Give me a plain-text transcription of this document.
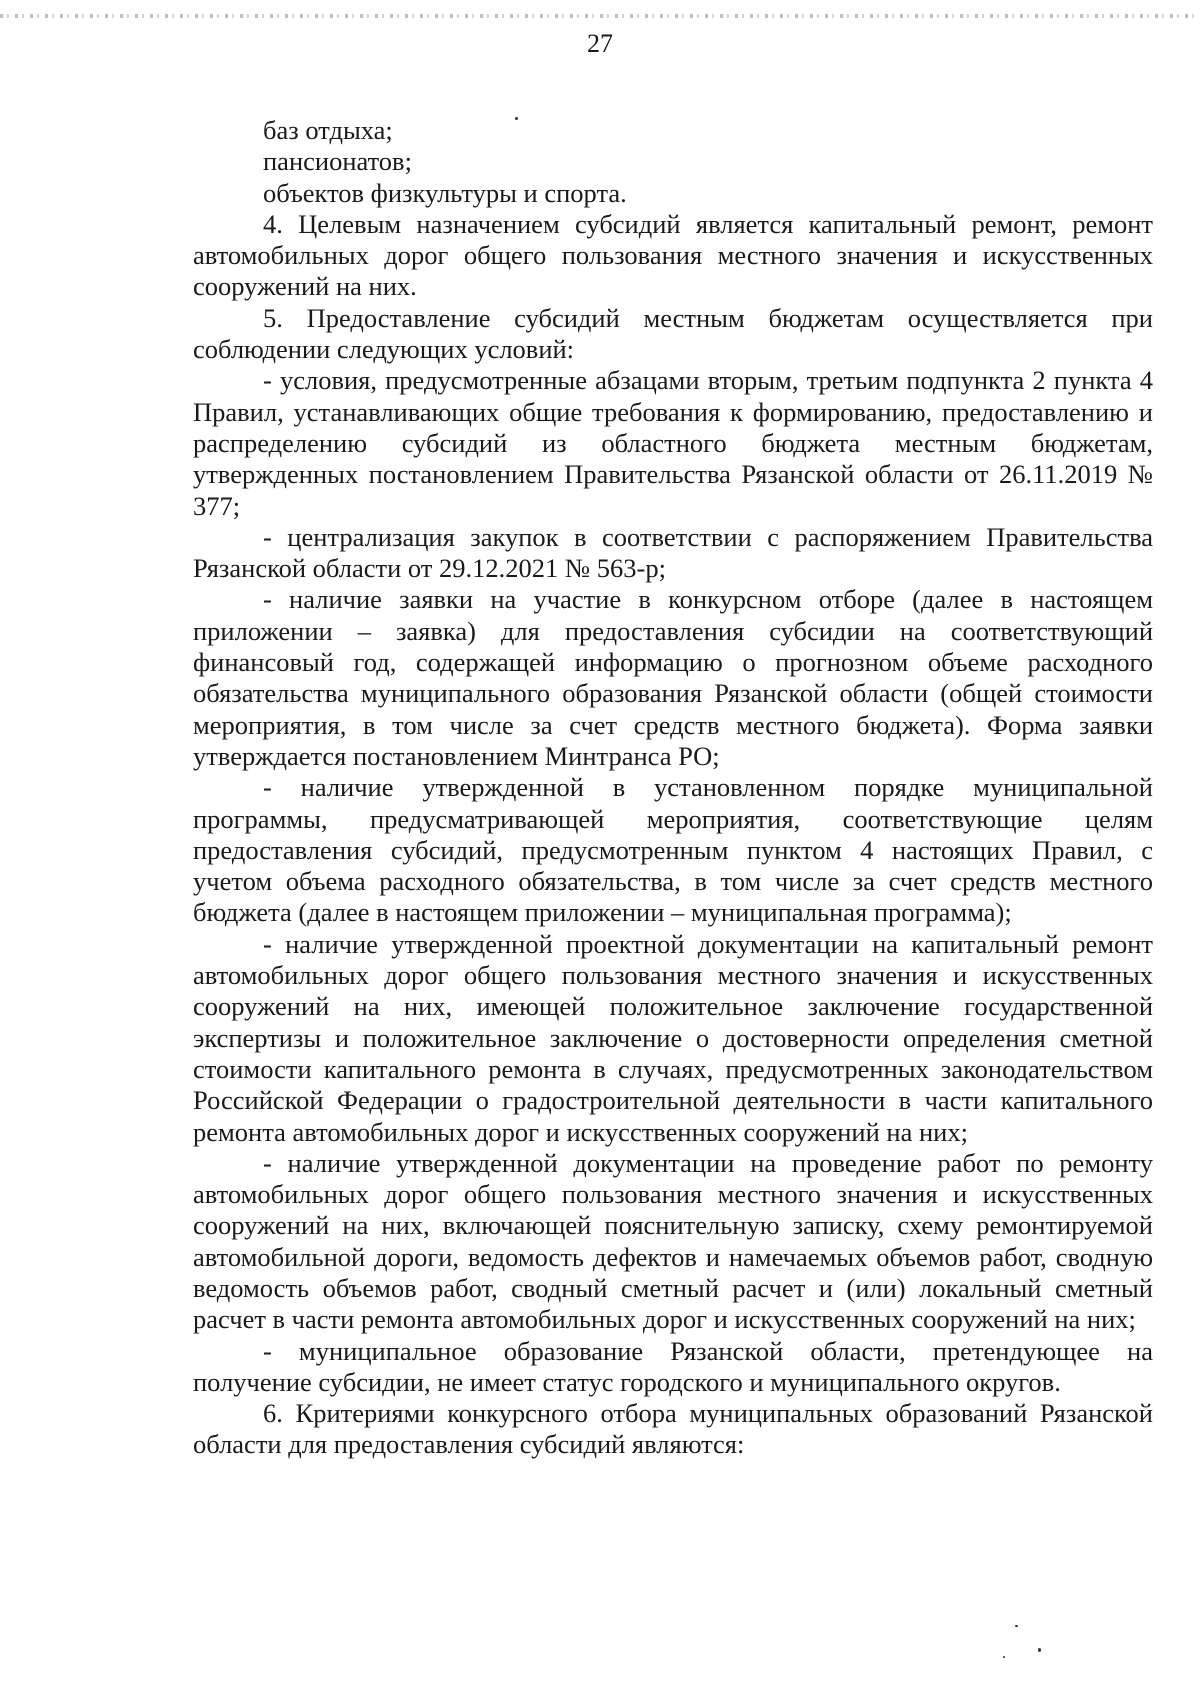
27

баз отдыха;

пансионатов;

объектов физкультуры и спорта.

4. Целевым назначением субсидий является капитальный ремонт, ремонт автомобильных дорог общего пользования местного значения и искусственных сооружений на них.

5. Предоставление субсидий местным бюджетам осуществляется при соблюдении следующих условий:

- условия, предусмотренные абзацами вторым, третьим подпункта 2 пункта 4 Правил, устанавливающих общие требования к формированию, предоставлению и распределению субсидий из областного бюджета местным бюджетам, утвержденных постановлением Правительства Рязанской области от 26.11.2019 № 377;

- централизация закупок в соответствии с распоряжением Правительства Рязанской области от 29.12.2021 № 563-р;

- наличие заявки на участие в конкурсном отборе (далее в настоящем приложении – заявка) для предоставления субсидии на соответствующий финансовый год, содержащей информацию о прогнозном объеме расходного обязательства муниципального образования Рязанской области (общей стоимости мероприятия, в том числе за счет средств местного бюджета). Форма заявки утверждается постановлением Минтранса РО;

- наличие утвержденной в установленном порядке муниципальной программы, предусматривающей мероприятия, соответствующие целям предоставления субсидий, предусмотренным пунктом 4 настоящих Правил, с учетом объема расходного обязательства, в том числе за счет средств местного бюджета (далее в настоящем приложении – муниципальная программа);

- наличие утвержденной проектной документации на капитальный ремонт автомобильных дорог общего пользования местного значения и искусственных сооружений на них, имеющей положительное заключение государственной экспертизы и положительное заключение о достоверности определения сметной стоимости капитального ремонта в случаях, предусмотренных законодательством Российской Федерации о градостроительной деятельности в части капитального ремонта автомобильных дорог и искусственных сооружений на них;

- наличие утвержденной документации на проведение работ по ремонту автомобильных дорог общего пользования местного значения и искусственных сооружений на них, включающей пояснительную записку, схему ремонтируемой автомобильной дороги, ведомость дефектов и намечаемых объемов работ, сводную ведомость объемов работ, сводный сметный расчет и (или) локальный сметный расчет в части ремонта автомобильных дорог и искусственных сооружений на них;

- муниципальное образование Рязанской области, претендующее на получение субсидии, не имеет статус городского и муниципального округов.

6. Критериями конкурсного отбора муниципальных образований Рязанской области для предоставления субсидий являются:
